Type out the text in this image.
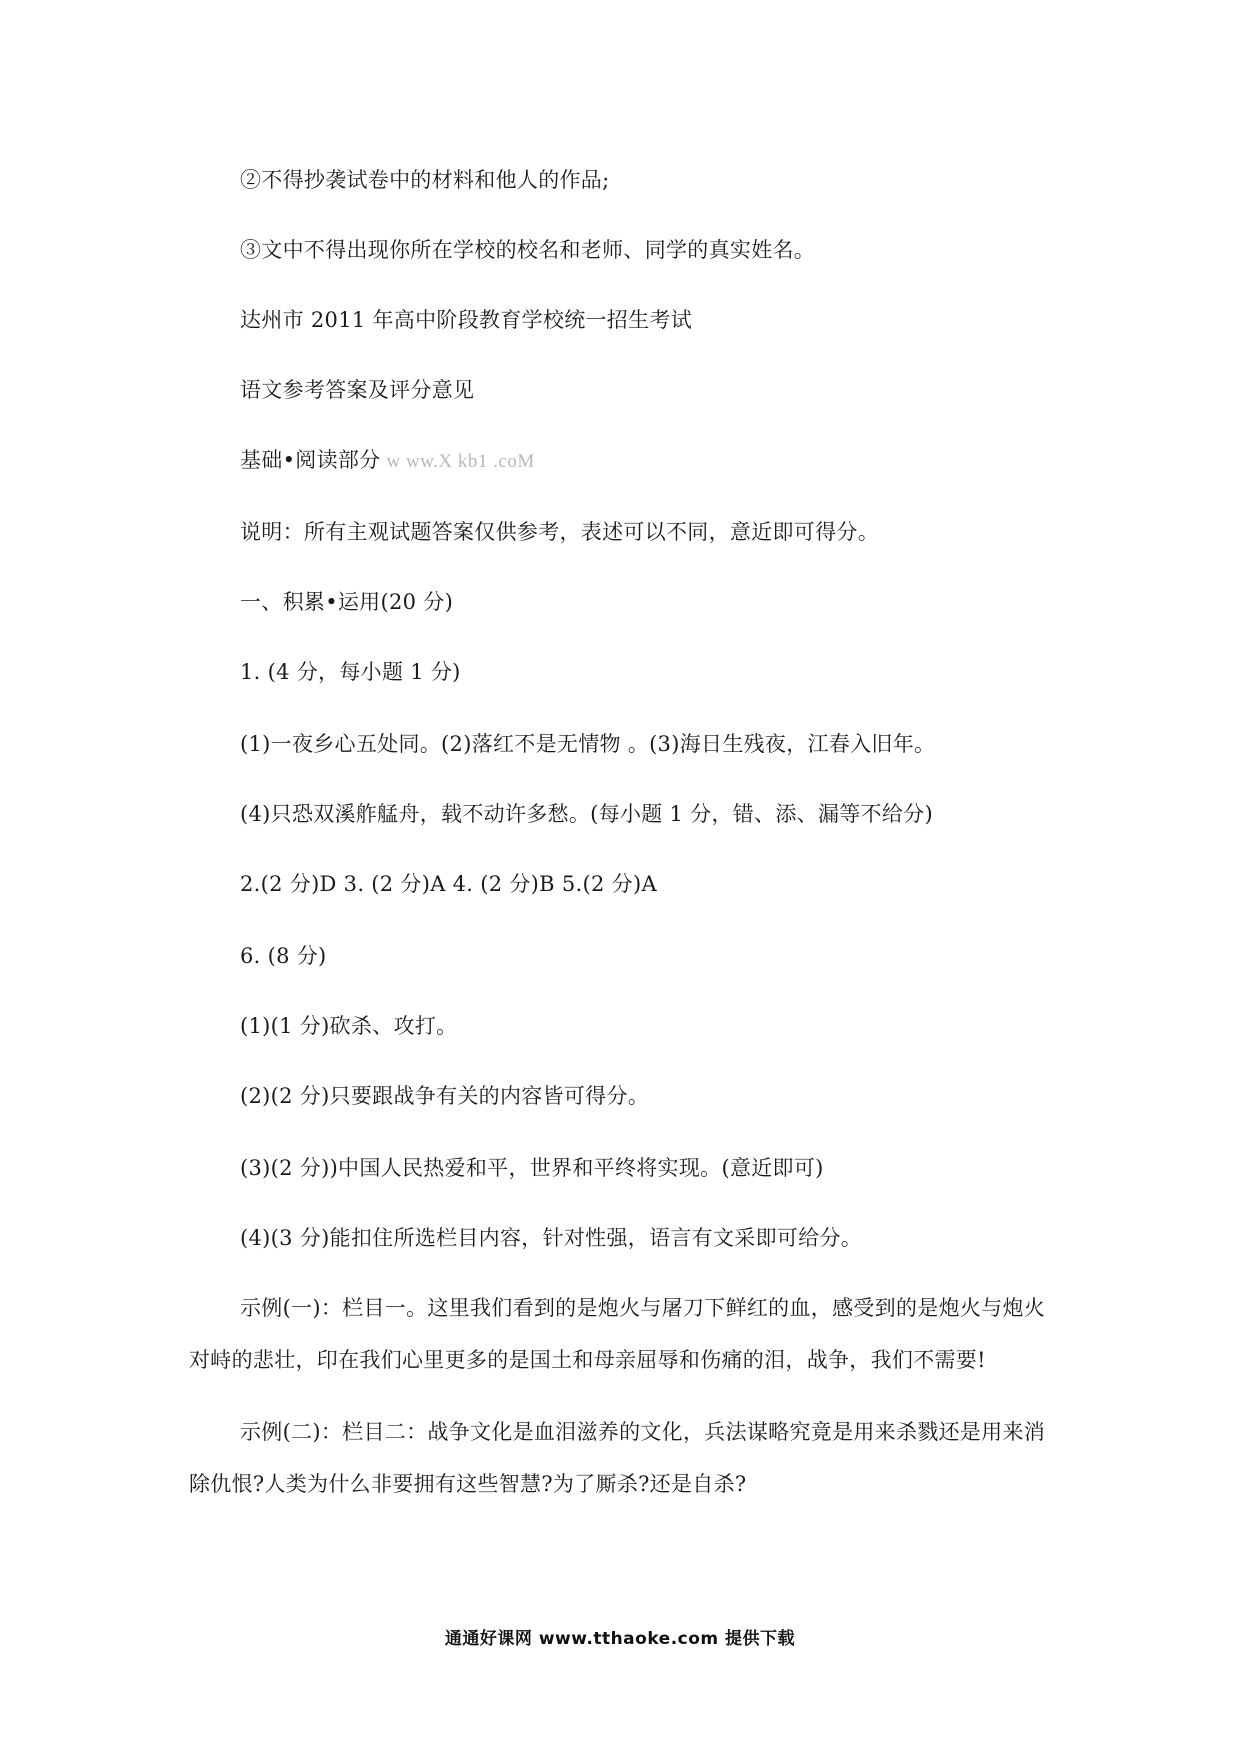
②不得抄袭试卷中的材料和他人的作品;
③文中不得出现你所在学校的校名和老师、同学的真实姓名。
达州市 2011 年高中阶段教育学校统一招生考试
语文参考答案及评分意见
基础•阅读部分 w ww.X kb1 .coM
说明：所有主观试题答案仅供参考，表述可以不同，意近即可得分。
一、积累•运用(20 分)
1. (4 分，每小题 1 分)
(1)一夜乡心五处同。(2)落红不是无情物 。(3)海日生残夜，江春入旧年。
(4)只恐双溪舴艋舟，载不动许多愁。(每小题 1 分，错、添、漏等不给分)
2.(2 分)D 3. (2 分)A 4. (2 分)B 5.(2 分)A
6. (8 分)
(1)(1 分)砍杀、攻打。
(2)(2 分)只要跟战争有关的内容皆可得分。
(3)(2 分))中国人民热爱和平，世界和平终将实现。(意近即可)
(4)(3 分)能扣住所选栏目内容，针对性强，语言有文采即可给分。
示例(一)：栏目一。这里我们看到的是炮火与屠刀下鲜红的血，感受到的是炮火与炮火
对峙的悲壮，印在我们心里更多的是国土和母亲屈辱和伤痛的泪，战争，我们不需要!
示例(二)：栏目二：战争文化是血泪滋养的文化，兵法谋略究竟是用来杀戮还是用来消
除仇恨?人类为什么非要拥有这些智慧?为了厮杀?还是自杀?
通通好课网 www.tthaoke.com 提供下载
